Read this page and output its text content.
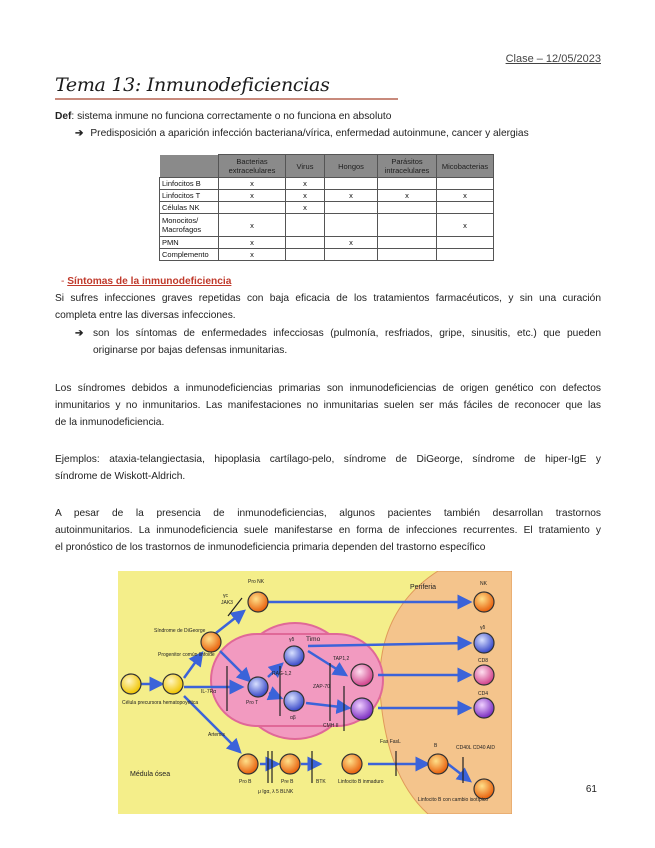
Clase – 12/05/2023
Tema 13: Inmunodeficiencias
Def: sistema inmune no funciona correctamente o no funciona en absoluto
➔ Predisposición a aparición infección bacteriana/vírica, enfermedad autoinmune, cancer y alergias
	Bacterias extracelulares	Virus	Hongos	Parásitos intracelulares	Micobacterias
Linfocitos B	x	x			
Linfocitos T	x	x	x	x	x
Células NK		x			
Monocitos/ Macrofagos	x				x
PMN	x		x		
Complemento	x				
- Síntomas de la inmunodeficiencia
Si sufres infecciones graves repetidas con baja eficacia de los tratamientos farmacéuticos, y sin una curación
completa entre las diversas infecciones.
➔ son los síntomas de enfermedades infecciosas (pulmonía, resfriados, gripe, sinusitis, etc.) que pueden
originarse por bajas defensas inmunitarias.
Los síndromes debidos a inmunodeficiencias primarias son inmunodeficiencias de origen genético con defectos
inmunitarios y no inmunitarios. Las manifestaciones no inmunitarias suelen ser más fáciles de reconocer que las
de la inmunodeficiencia.
Ejemplos: ataxia-telangiectasia, hipoplasia cartílago-pelo, síndrome de DiGeorge, síndrome de hiper-IgE y
síndrome de Wiskott-Aldrich.
A pesar de la presencia de inmunodeficiencias, algunos pacientes también desarrollan trastornos
autoinmunitarios. La inmunodeficiencia suele manifestarse en forma de infecciones recurrentes. El tratamiento y
el pronóstico de los trastornos de inmunodeficiencia primaria dependen del trastorno específico
Periferia
Timo
Médula ósea
Pro NK
γc
JAK3
Síndrome de DiGeorge
Progenitor común linfoide
Célula precursora hematopoyética
IL-7Rα
Artemis
RAG-1,2
γδ
αβ
Pro T
ZAP-70
TAP1,2
CMH II
Fas FasL
NK
γδ
CD8
CD4
Pro B	Pre B
μ Igα, λ 5 BLNK
BTK Linfocito B inmaduro
B	CD40L CD40 AID
Linfocito B con cambio isotípico
61
